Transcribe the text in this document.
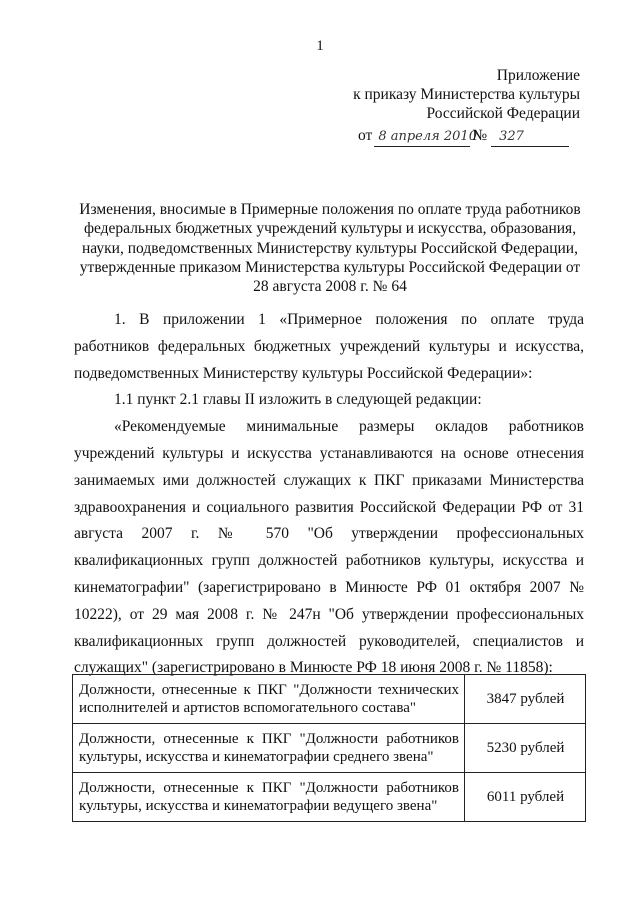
1
Приложение
к приказу Министерства культуры
Российской Федерации
от 8 апреля 2010№ 327
Изменения, вносимые в Примерные положения по оплате труда работников федеральных бюджетных учреждений культуры и искусства, образования, науки, подведомственных Министерству культуры Российской Федерации, утвержденные приказом Министерства культуры Российской Федерации от 28 августа 2008 г. № 64

1. В приложении 1 «Примерное положения по оплате труда работников федеральных бюджетных учреждений культуры и искусства, подведомственных Министерству культуры Российской Федерации»:

1.1 пункт 2.1 главы II изложить в следующей редакции:

«Рекомендуемые минимальные размеры окладов работников учреждений культуры и искусства устанавливаются на основе отнесения занимаемых ими должностей служащих к ПКГ приказами Министерства здравоохранения и социального развития Российской Федерации РФ от 31 августа 2007 г. № 570 "Об утверждении профессиональных квалификационных групп должностей работников культуры, искусства и кинематографии" (зарегистрировано в Минюсте РФ 01 октября 2007 № 10222), от 29 мая 2008 г. № 247н "Об утверждении профессиональных квалификационных групп должностей руководителей, специалистов и служащих" (зарегистрировано в Минюсте РФ 18 июня 2008 г. № 11858):

Должности, отнесенные к ПКГ "Должности технических исполнителей и артистов вспомогательного состава"	3847 рублей
Должности, отнесенные к ПКГ "Должности работников культуры, искусства и кинематографии среднего звена"	5230 рублей
Должности, отнесенные к ПКГ "Должности работников культуры, искусства и кинематографии ведущего звена"	6011 рублей
